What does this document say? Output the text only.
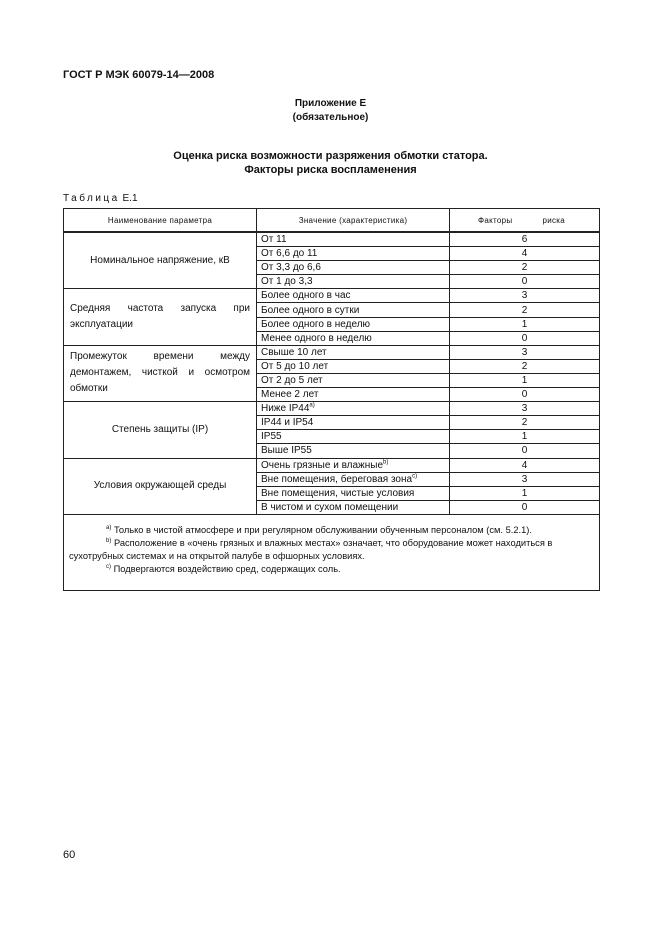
ГОСТ Р МЭК 60079-14—2008
Приложение Е
(обязательное)
Оценка риска возможности разряжения обмотки статора.
Факторы риска воспламенения
Таблица Е.1
Наименование параметра	Значение (характеристика)	Факторы риска
Номинальное напряжение, кВ	От 11	6
	От 6,6 до 11	4
	От 3,3 до 6,6	2
	От 1 до 3,3	0
Средняя частота запуска при эксплуатации	Более одного в час	3
	Более одного в сутки	2
	Более одного в неделю	1
	Менее одного в неделю	0
Промежуток времени между демонтажем, чисткой и осмотром обмотки	Свыше 10 лет	3
	От 5 до 10 лет	2
	От 2 до 5 лет	1
	Менее 2 лет	0
Степень защиты (IP)	Ниже IP44$^{a)}$	3
	IP44 и IP54	2
	IP55	1
	Выше IP55	0
Условия окружающей среды	Очень грязные и влажные$^{b)}$	4
	Вне помещения, береговая зона$^{c)}$	3
	Вне помещения, чистые условия	1
	В чистом и сухом помещении	0

$^{a)}$ Только в чистой атмосфере и при регулярном обслуживании обученным персоналом (см. 5.2.1).
$^{b)}$ Расположение в «очень грязных и влажных местах» означает, что оборудование может находиться в сухотрубных системах и на открытой палубе в офшорных условиях.
$^{c)}$ Подвергаются воздействию сред, содержащих соль.		
60
